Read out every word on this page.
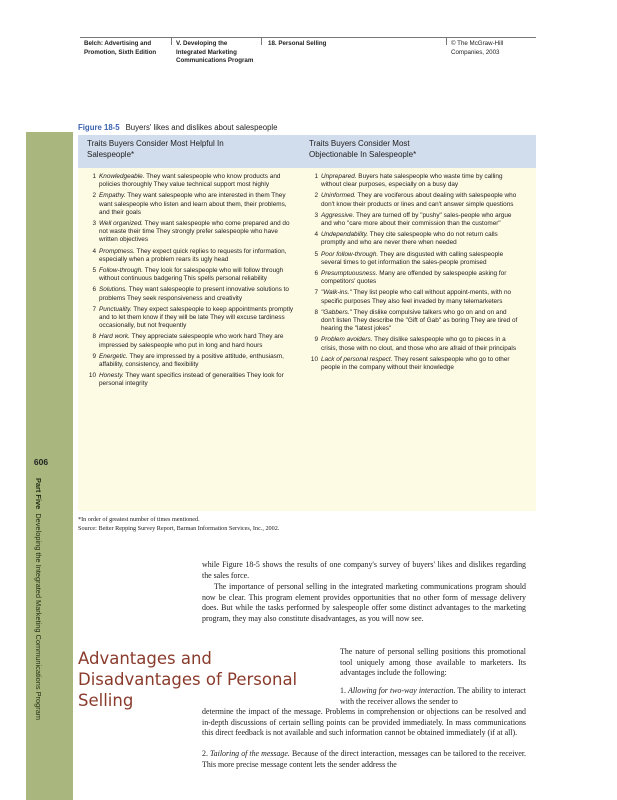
Belch: Advertising and Promotion, Sixth Edition
V. Developing the Integrated Marketing Communications Program
18. Personal Selling	© The McGraw-Hill Companies, 2003
606
Part Five  Developing the Integrated Marketing Communications Program
Figure 18-5 Buyers' likes and dislikes about salespeople
Traits Buyers Consider Most Helpful In Salespeople*
Traits Buyers Consider Most Objectionable In Salespeople*
1 Knowledgeable. They want salespeople who know products and policies thoroughly They value technical support most highly
2 Empathy. They want salespeople who are interested in them They want salespeople who listen and learn about them, their problems, and their goals
3 Well organized. They want salespeople who come prepared and do not waste their time They strongly prefer salespeople who have written objectives
4 Promptness. They expect quick replies to requests for information, especially when a problem rears its ugly head
5 Follow-through. They look for salespeople who will follow through without continuous badgering This spells personal reliability
6 Solutions. They want salespeople to present innovative solutions to problems They seek responsiveness and creativity
7 Punctuality. They expect salespeople to keep appointments promptly and to let them know if they will be late They will excuse tardiness occasionally, but not frequently
8 Hard work. They appreciate salespeople who work hard They are impressed by salespeople who put in long and hard hours
9 Energetic. They are impressed by a positive attitude, enthusiasm, affability, consistency, and flexibility
10 Honesty. They want specifics instead of generalities They look for personal integrity
1 Unprepared. Buyers hate salespeople who waste time by calling without clear purposes, especially on a busy day
2 Uninformed. They are vociferous about dealing with salespeople who don't know their products or lines and can't answer simple questions
3 Aggressive. They are turned off by "pushy" sales-people who argue and who "care more about their commission than the customer"
4 Undependability. They cite salespeople who do not return calls promptly and who are never there when needed
5 Poor follow-through. They are disgusted with calling salespeople several times to get information the sales-people promised
6 Presumptuousness. Many are offended by salespeople asking for competitors' quotes
7 "Walk-ins." They list people who call without appoint-ments, with no specific purposes They also feel invaded by many telemarketers
8 "Gabbers." They dislike compulsive talkers who go on and on and don't listen They describe the "Gift of Gab" as boring They are tired of hearing the "latest jokes"
9 Problem avoiders. They dislike salespeople who go to pieces in a crisis, those with no clout, and those who are afraid of their principals
10 Lack of personal respect. They resent salespeople who go to other people in the company without their knowledge
*In order of greatest number of times mentioned.
Source: Better Repping Survey Report, Barman Information Services, Inc., 2002.
while Figure 18-5 shows the results of one company's survey of buyers' likes and dislikes regarding the sales force.
The importance of personal selling in the integrated marketing communications program should now be clear. This program element provides opportunities that no other form of message delivery does. But while the tasks performed by salespeople offer some distinct advantages to the marketing program, they may also constitute disadvantages, as you will now see.
Advantages and Disadvantages of Personal Selling
The nature of personal selling positions this promotional tool uniquely among those available to marketers. Its advantages include the following:
1. Allowing for two-way interaction. The ability to interact with the receiver allows the sender to
determine the impact of the message. Problems in comprehension or objections can be resolved and in-depth discussions of certain selling points can be provided immediately. In mass communications this direct feedback is not available and such information cannot be obtained immediately (if at all).
2. Tailoring of the message. Because of the direct interaction, messages can be tailored to the receiver. This more precise message content lets the sender address the
